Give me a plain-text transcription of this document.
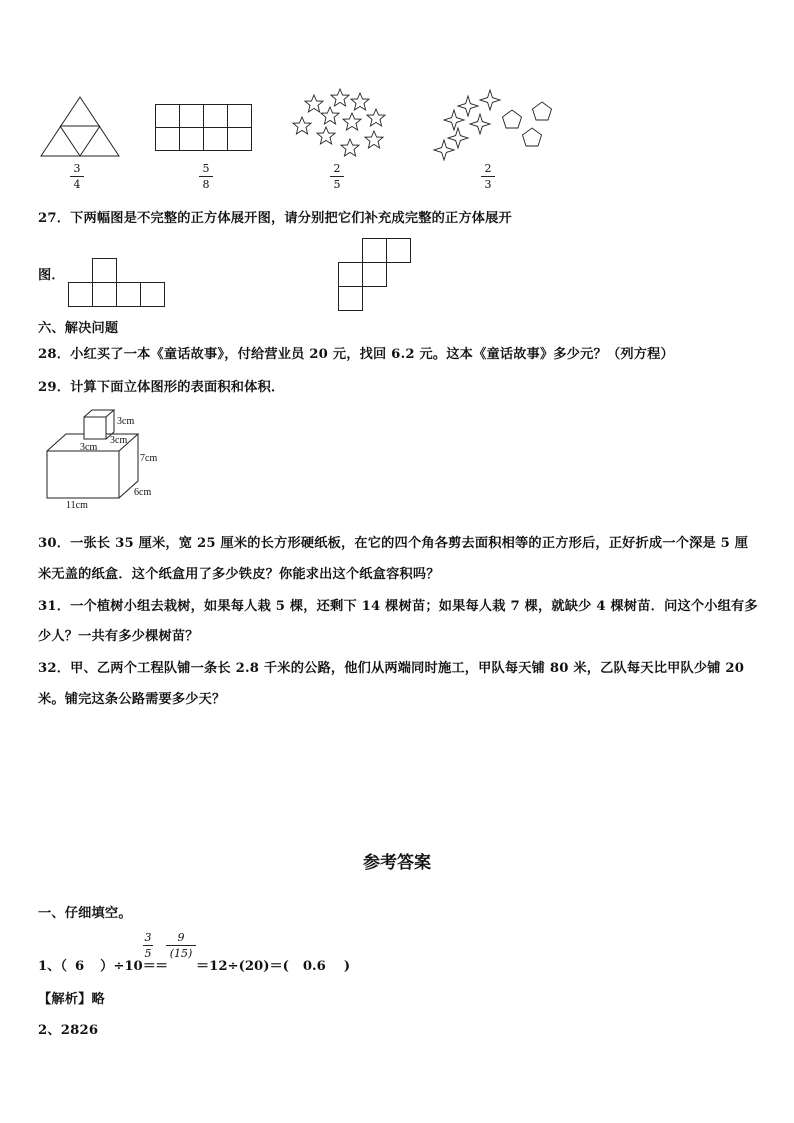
3
4
5
8
2
5
2
3
27．下两幅图是不完整的正方体展开图，请分别把它们补充成完整的正方体展开
图．
六、解决问题
28．小红买了一本《童话故事》，付给营业员 20 元，找回 6.2 元。这本《童话故事》多少元？（列方程）
29．计算下面立体图形的表面积和体积．
3cm
3cm
3cm
7cm
6cm
11cm
30．一张长 35 厘米，宽 25 厘米的长方形硬纸板，在它的四个角各剪去面积相等的正方形后，正好折成一个深是 5 厘
米无盖的纸盒．这个纸盒用了多少铁皮？你能求出这个纸盒容积吗？
31．一个植树小组去栽树，如果每人栽 5 棵，还剩下 14 棵树苗；如果每人栽 7 棵，就缺少 4 棵树苗．问这个小组有多
少人？一共有多少棵树苗？
32．甲、乙两个工程队铺一条长 2.8 千米的公路，他们从两端同时施工，甲队每天铺 80 米，乙队每天比甲队少铺 20
米。铺完这条公路需要多少天？
参考答案
一、仔细填空。
1、（ 6 ）÷10＝
3
5
＝
9
(15)
＝12÷(20)＝( 0.6 )
【解析】略
2、2826
